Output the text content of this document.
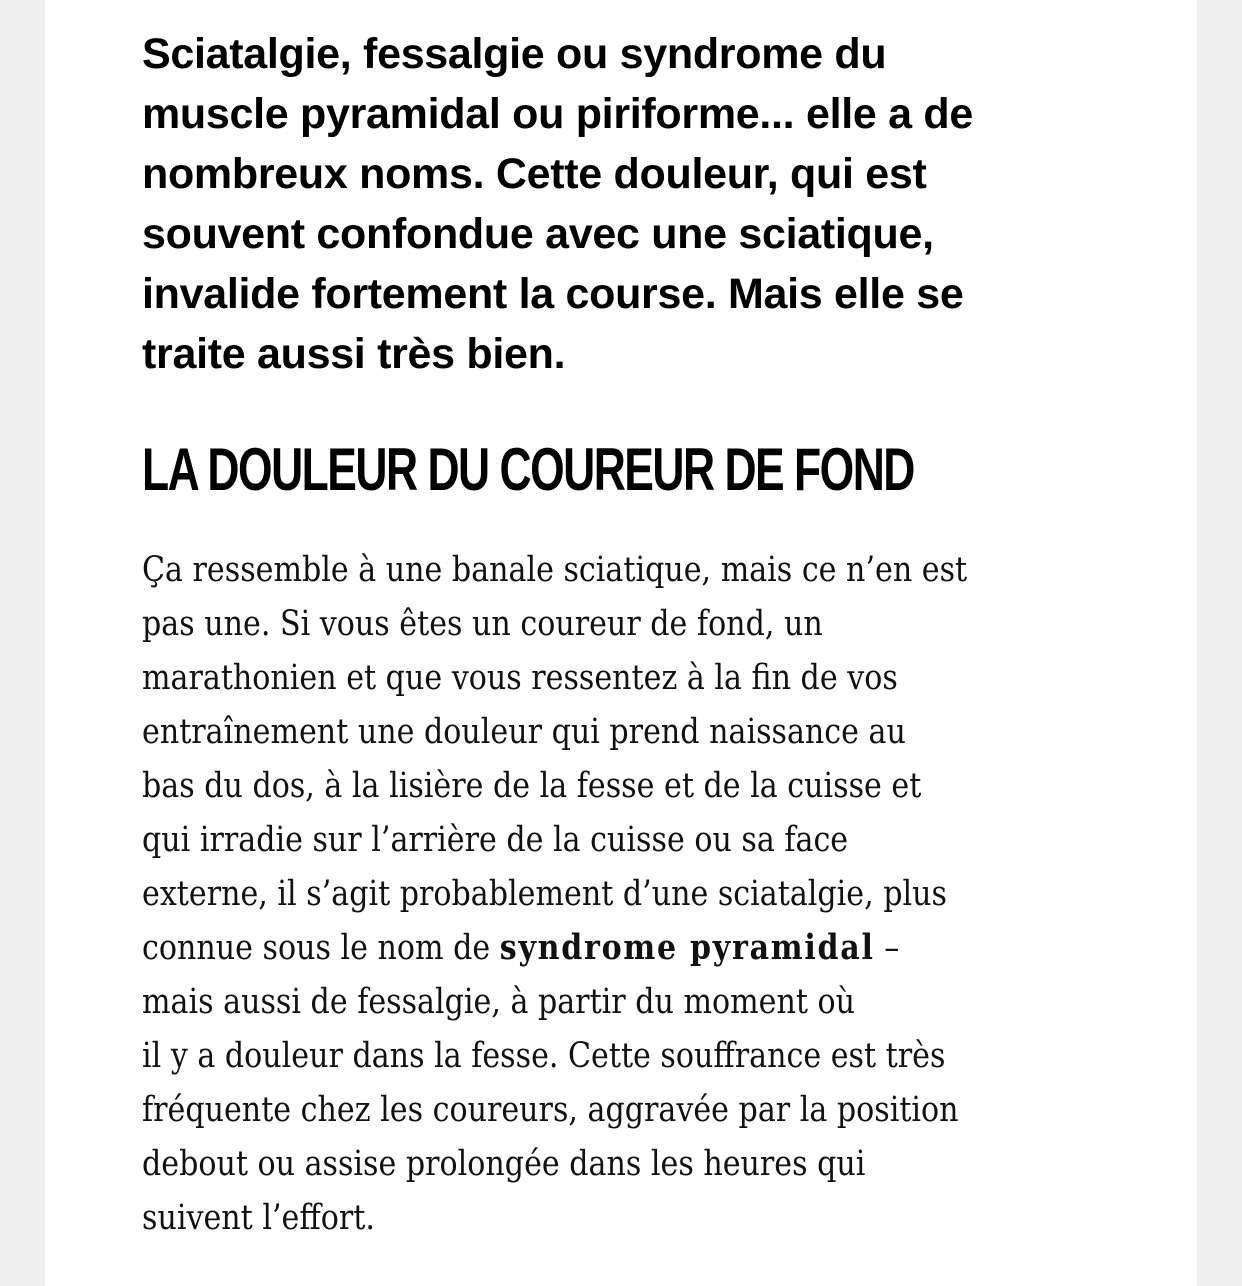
Sciatalgie, fessalgie ou syndrome du
muscle pyramidal ou piriforme... elle a de
nombreux noms. Cette douleur, qui est
souvent confondue avec une sciatique,
invalide fortement la course. Mais elle se
traite aussi très bien.

LA DOULEUR DU COUREUR DE FOND

Ça ressemble à une banale sciatique, mais ce n’en est
pas une. Si vous êtes un coureur de fond, un
marathonien et que vous ressentez à la fin de vos
entraînement une douleur qui prend naissance au
bas du dos, à la lisière de la fesse et de la cuisse et
qui irradie sur l’arrière de la cuisse ou sa face
externe, il s’agit probablement d’une sciatalgie, plus
connue sous le nom de syndrome pyramidal –
mais aussi de fessalgie, à partir du moment où
il y a douleur dans la fesse. Cette souffrance est très
fréquente chez les coureurs, aggravée par la position
debout ou assise prolongée dans les heures qui
suivent l’effort.
